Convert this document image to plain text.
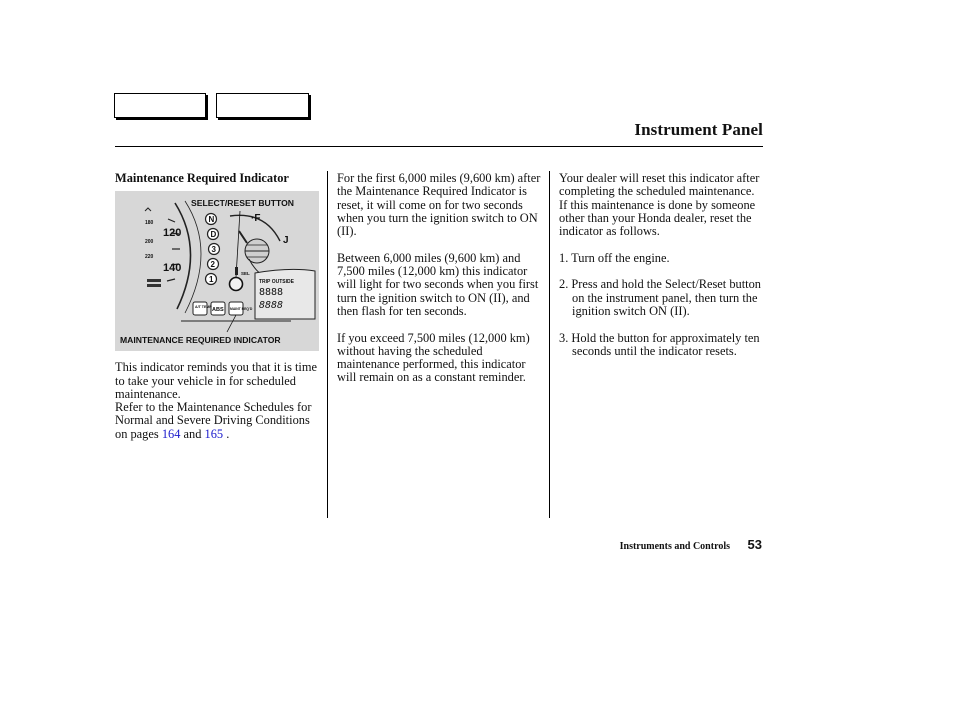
Instrument Panel
Maintenance Required Indicator
120
140
180
200
220
N
D
3
2
1
·F
J
SEL
TRIP OUTSIDE
8888
8888
A/T TEMP ABS MAINT REQ'D
SELECT/RESET BUTTON
MAINTENANCE REQUIRED INDICATOR
This indicator reminds you that it is time to take your vehicle in for scheduled maintenance.
Refer to the Maintenance Schedules for Normal and Severe Driving Conditions on pages 164 and 165 .

For the first 6,000 miles (9,600 km) after the Maintenance Required Indicator is reset, it will come on for two seconds when you turn the ignition switch to ON (II).

Between 6,000 miles (9,600 km) and 7,500 miles (12,000 km) this indicator will light for two seconds when you first turn the ignition switch to ON (II), and then flash for ten seconds.

If you exceed 7,500 miles (12,000 km) without having the scheduled maintenance performed, this indicator will remain on as a constant reminder.

Your dealer will reset this indicator after completing the scheduled maintenance. If this maintenance is done by someone other than your Honda dealer, reset the indicator as follows.

1. Turn off the engine.
2. Press and hold the Select/Reset button on the instrument panel, then turn the ignition switch ON (II).
3. Hold the button for approximately ten seconds until the indicator resets.
Instruments and Controls 53
